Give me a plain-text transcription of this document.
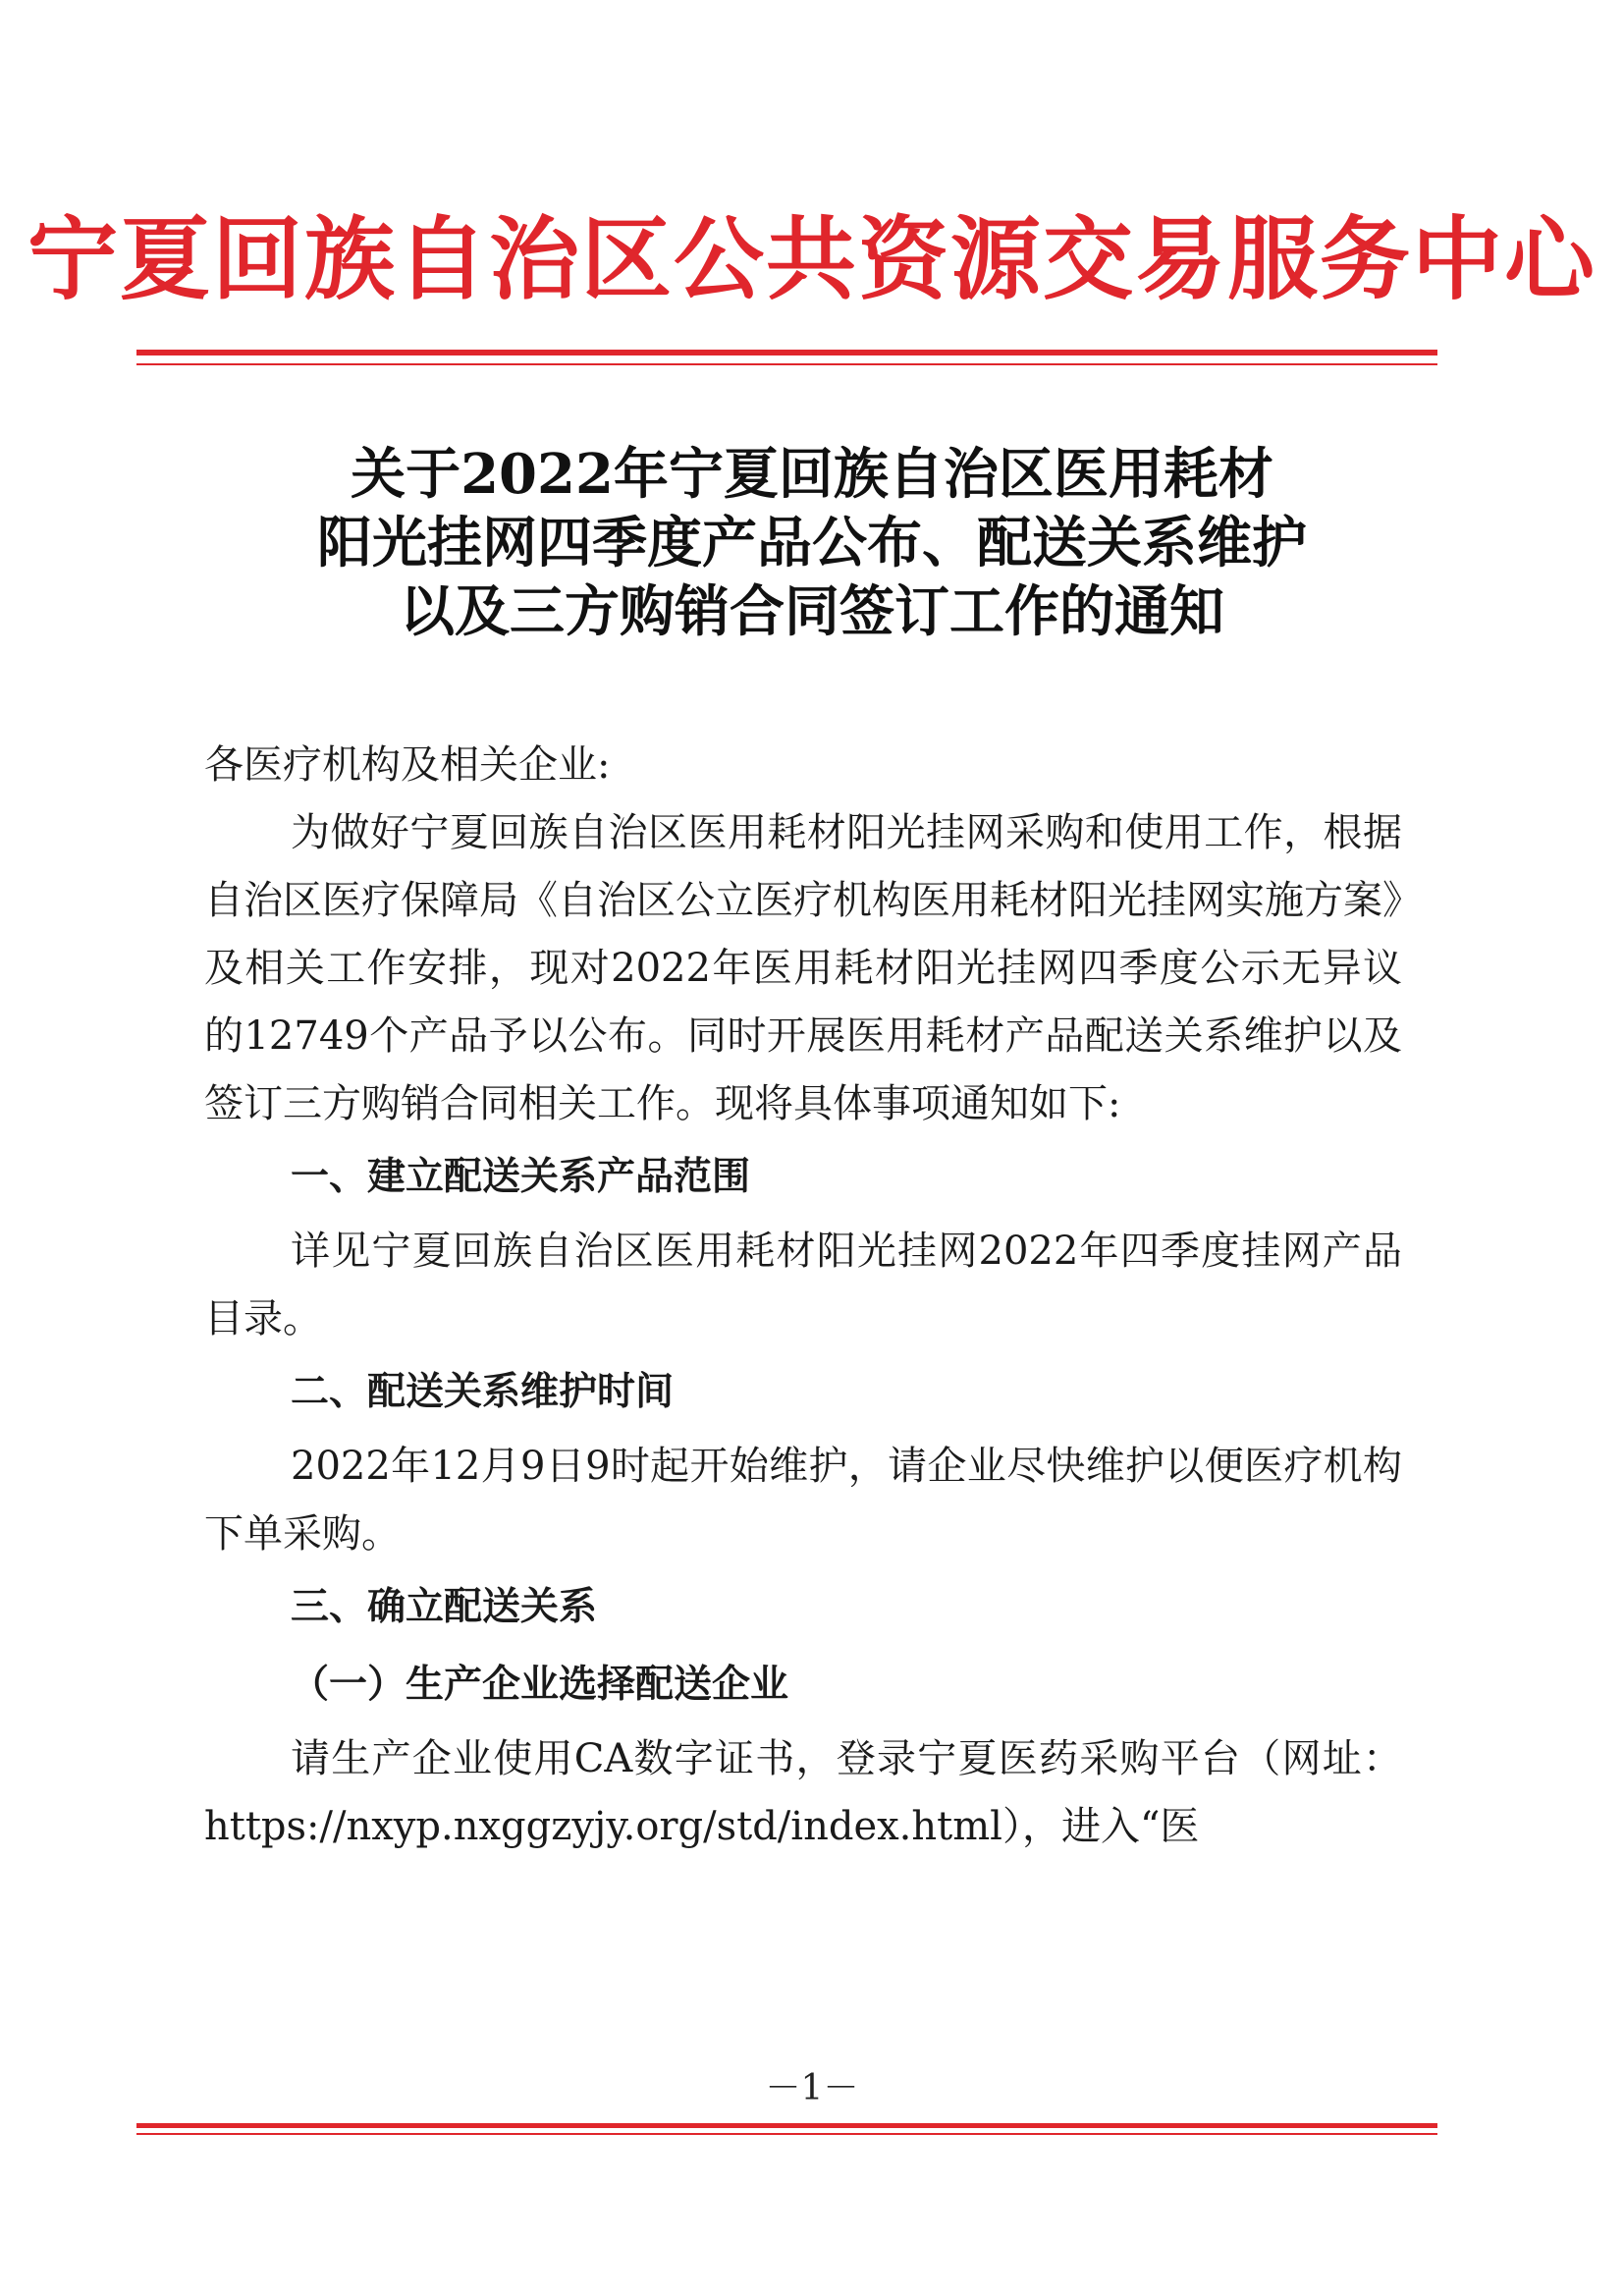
宁夏回族自治区公共资源交易服务中心
关于2022年宁夏回族自治区医用耗材
阳光挂网四季度产品公布、配送关系维护
以及三方购销合同签订工作的通知

各医疗机构及相关企业:

为做好宁夏回族自治区医用耗材阳光挂网采购和使用工作，根据自治区医疗保障局《自治区公立医疗机构医用耗材阳光挂网实施方案》及相关工作安排，现对2022年医用耗材阳光挂网四季度公示无异议的12749个产品予以公布。同时开展医用耗材产品配送关系维护以及签订三方购销合同相关工作。现将具体事项通知如下:

一、建立配送关系产品范围

详见宁夏回族自治区医用耗材阳光挂网2022年四季度挂网产品目录。

二、配送关系维护时间

2022年12月9日9时起开始维护，请企业尽快维护以便医疗机构下单采购。

三、确立配送关系

（一）生产企业选择配送企业

请生产企业使用CA数字证书，登录宁夏医药采购平台（网址：https://nxyp.nxggzyjy.org/std/index.html），进入“医

－1－
